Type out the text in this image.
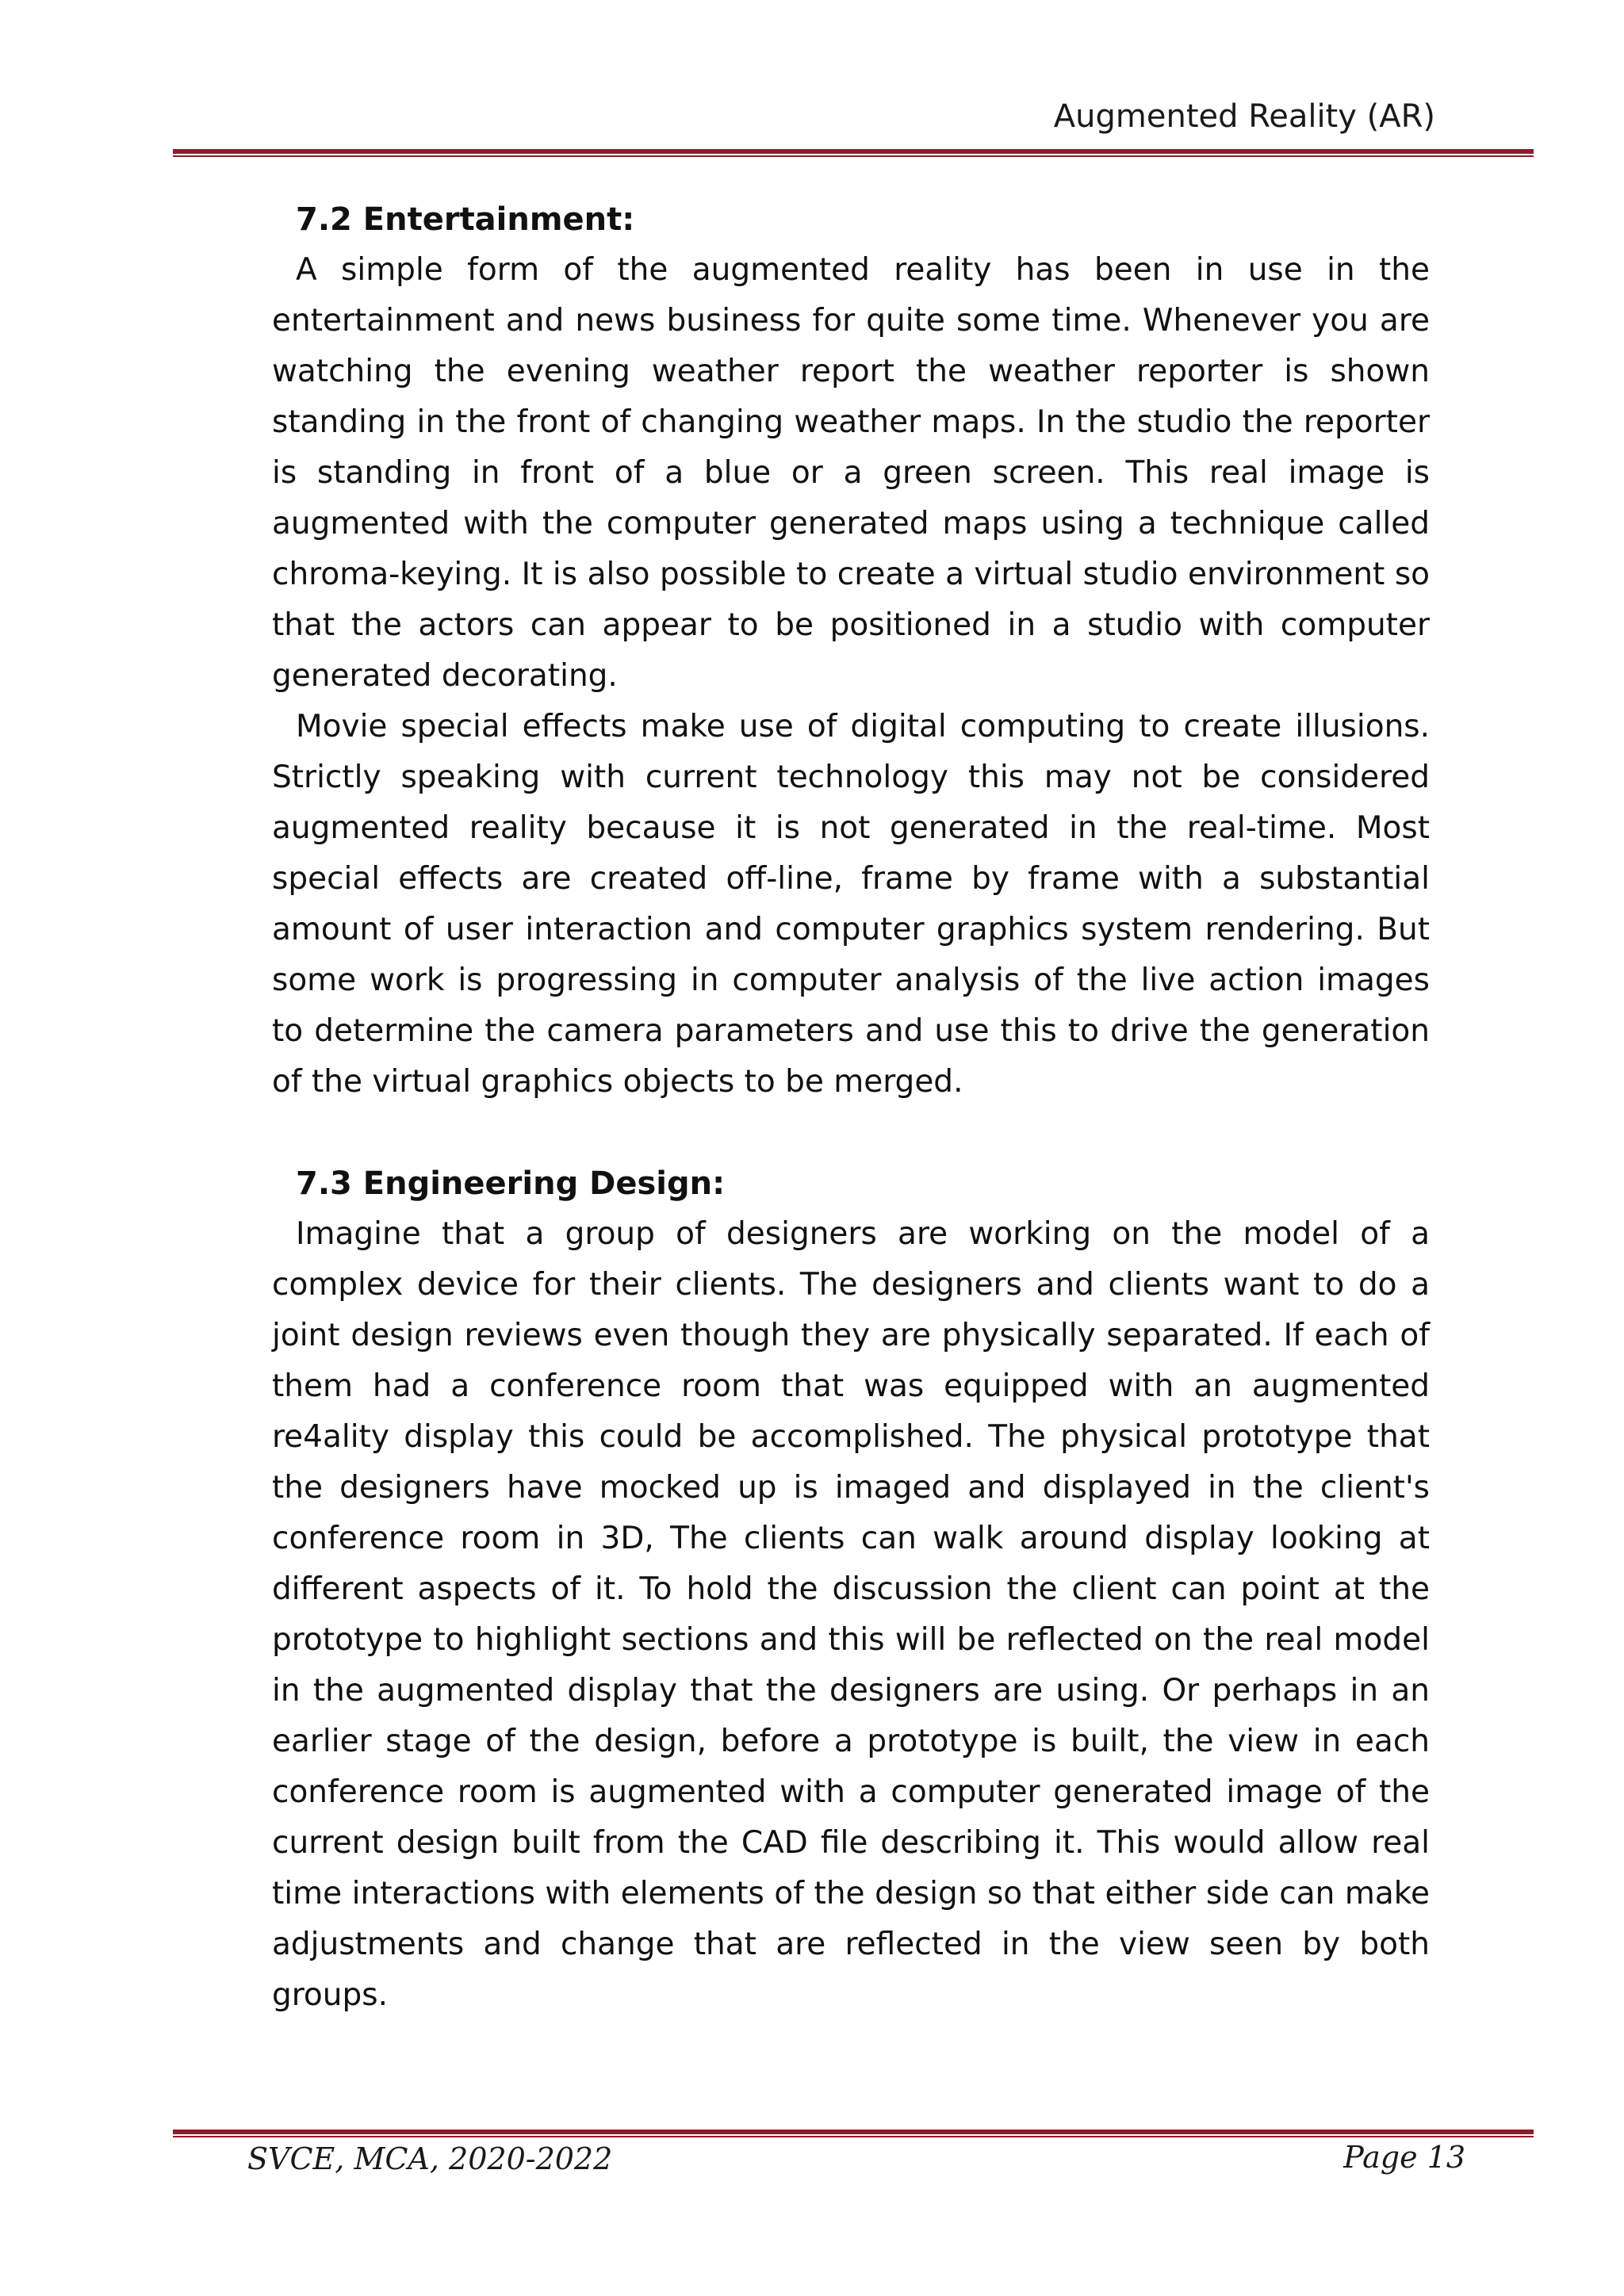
Augmented Reality (AR)
7.2 Entertainment:

A simple form of the augmented reality has been in use in the entertainment and news business for quite some time. Whenever you are watching the evening weather report the weather reporter is shown standing in the front of changing weather maps. In the studio the reporter is standing in front of a blue or a green screen. This real image is augmented with the computer generated maps using a technique called chroma-keying. It is also possible to create a virtual studio environment so that the actors can appear to be positioned in a studio with computer generated decorating.

Movie special effects make use of digital computing to create illusions. Strictly speaking with current technology this may not be considered augmented reality because it is not generated in the real-time. Most special effects are created off-line, frame by frame with a substantial amount of user interaction and computer graphics system rendering. But some work is progressing in computer analysis of the live action images to determine the camera parameters and use this to drive the generation of the virtual graphics objects to be merged.

7.3 Engineering Design:

Imagine that a group of designers are working on the model of a complex device for their clients. The designers and clients want to do a joint design reviews even though they are physically separated. If each of them had a conference room that was equipped with an augmented re4ality display this could be accomplished. The physical prototype that the designers have mocked up is imaged and displayed in the client's conference room in 3D, The clients can walk around display looking at different aspects of it. To hold the discussion the client can point at the prototype to highlight sections and this will be reflected on the real model in the augmented display that the designers are using. Or perhaps in an earlier stage of the design, before a prototype is built, the view in each conference room is augmented with a computer generated image of the current design built from the CAD file describing it. This would allow real time interactions with elements of the design so that either side can make adjustments and change that are reflected in the view seen by both groups.

SVCE, MCA, 2020-2022	Page 13
